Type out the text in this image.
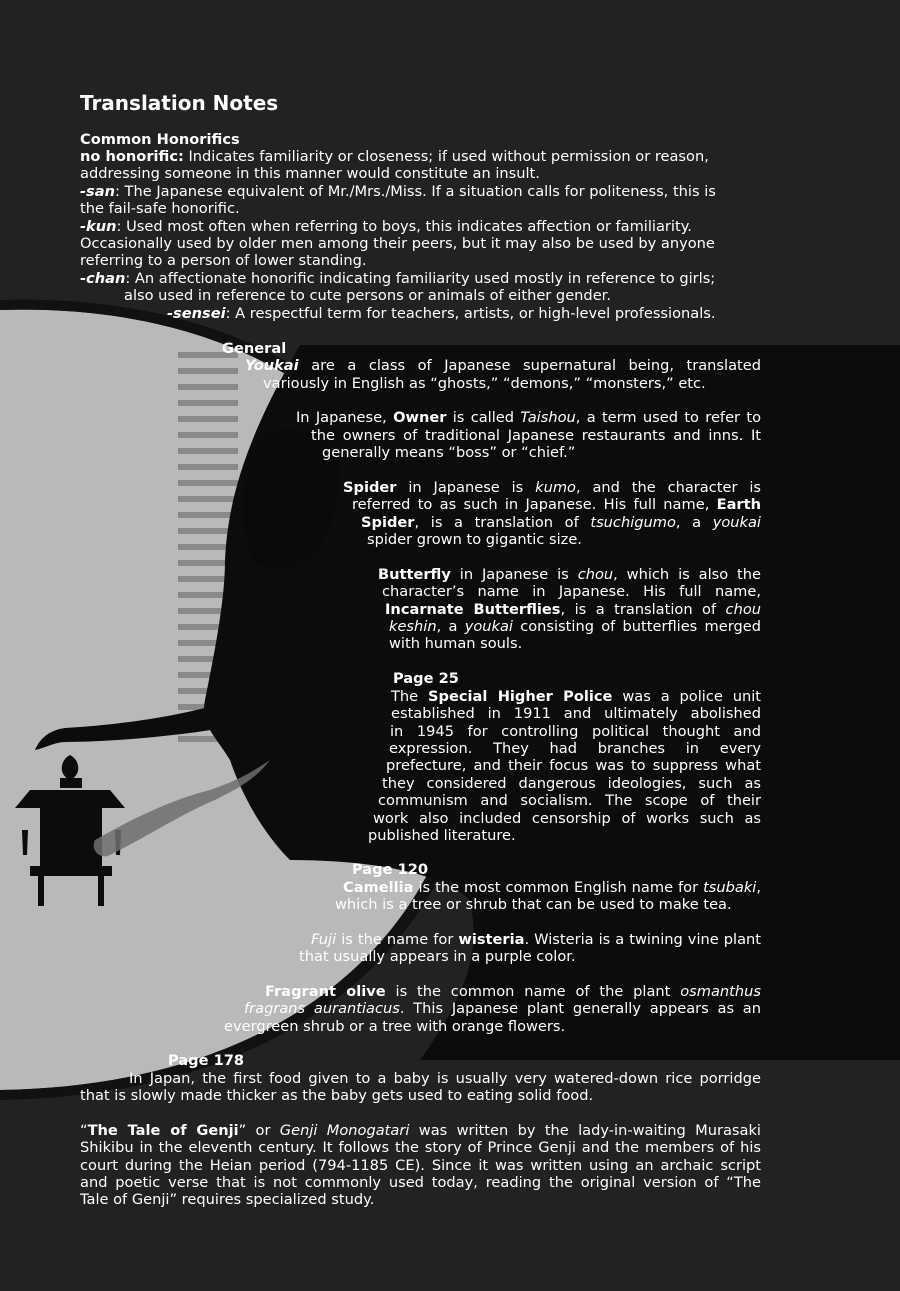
Translation Notes
Common Honorifics
no honorific: Indicates familiarity or closeness; if used without permission or reason,
addressing someone in this manner would constitute an insult.
-san: The Japanese equivalent of Mr./Mrs./Miss. If a situation calls for politeness, this is
the fail-safe honorific.
-kun: Used most often when referring to boys, this indicates affection or familiarity.
Occasionally used by older men among their peers, but it may also be used by anyone
referring to a person of lower standing.
-chan: An affectionate honorific indicating familiarity used mostly in reference to girls;
also used in reference to cute persons or animals of either gender.
-sensei: A respectful term for teachers, artists, or high-level professionals.
General
Youkai are a class of Japanese supernatural being, translated
variously in English as “ghosts,” “demons,” “monsters,” etc.
In Japanese, Owner is called Taishou, a term used to refer to
the owners of traditional Japanese restaurants and inns. It
generally means “boss” or “chief.”
Spider in Japanese is kumo, and the character is
referred to as such in Japanese. His full name, Earth
Spider, is a translation of tsuchigumo, a youkai
spider grown to gigantic size.
Butterfly in Japanese is chou, which is also the
character’s name in Japanese. His full name,
Incarnate Butterflies, is a translation of chou
keshin, a youkai consisting of butterflies merged
with human souls.
Page 25
The Special Higher Police was a police unit
established in 1911 and ultimately abolished
in 1945 for controlling political thought and
expression. They had branches in every
prefecture, and their focus was to suppress what
they considered dangerous ideologies, such as
communism and socialism. The scope of their
work also included censorship of works such as
published literature.
Page 120
Camellia is the most common English name for tsubaki,
which is a tree or shrub that can be used to make tea.
Fuji is the name for wisteria. Wisteria is a twining vine plant
that usually appears in a purple color.
Fragrant olive is the common name of the plant osmanthus
fragrans aurantiacus. This Japanese plant generally appears as an
evergreen shrub or a tree with orange flowers.
Page 178
In Japan, the first food given to a baby is usually very watered-down rice porridge
that is slowly made thicker as the baby gets used to eating solid food.
“The Tale of Genji” or Genji Monogatari was written by the lady-in-waiting Murasaki
Shikibu in the eleventh century. It follows the story of Prince Genji and the members of his
court during the Heian period (794-1185 CE). Since it was written using an archaic script
and poetic verse that is not commonly used today, reading the original version of “The
Tale of Genji” requires specialized study.
